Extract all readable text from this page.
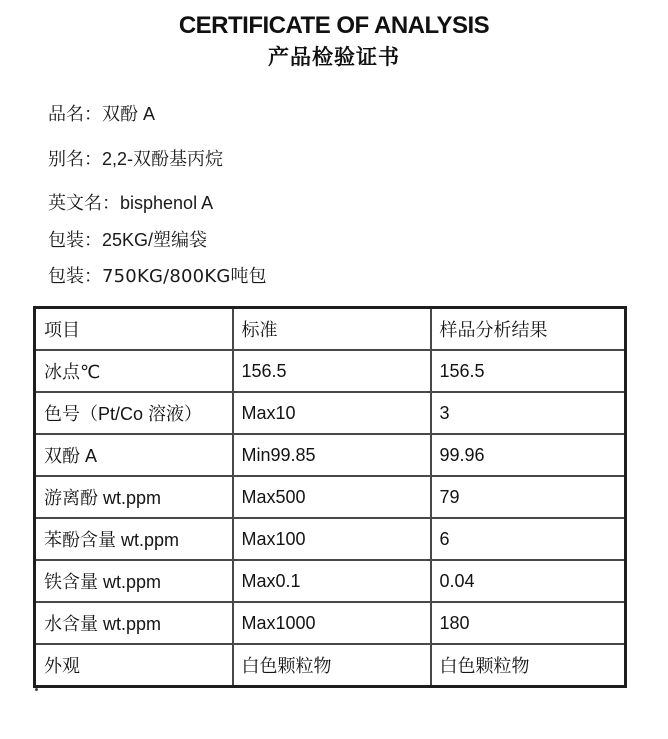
CERTIFICATE OF ANALYSIS
产品检验证书
品名：双酚 A
别名：2,2-双酚基丙烷
英文名：bisphenol A
包装：25KG/塑编袋
包装：750KG/800KG吨包
项目	标准	样品分析结果
冰点℃	156.5	156.5
色号（Pt/Co 溶液）	Max10	3
双酚 A	Min99.85	99.96
游离酚 wt.ppm	Max500	79
苯酚含量 wt.ppm	Max100	6
铁含量 wt.ppm	Max0.1	0.04
水含量 wt.ppm	Max1000	180
外观	白色颗粒物	白色颗粒物
